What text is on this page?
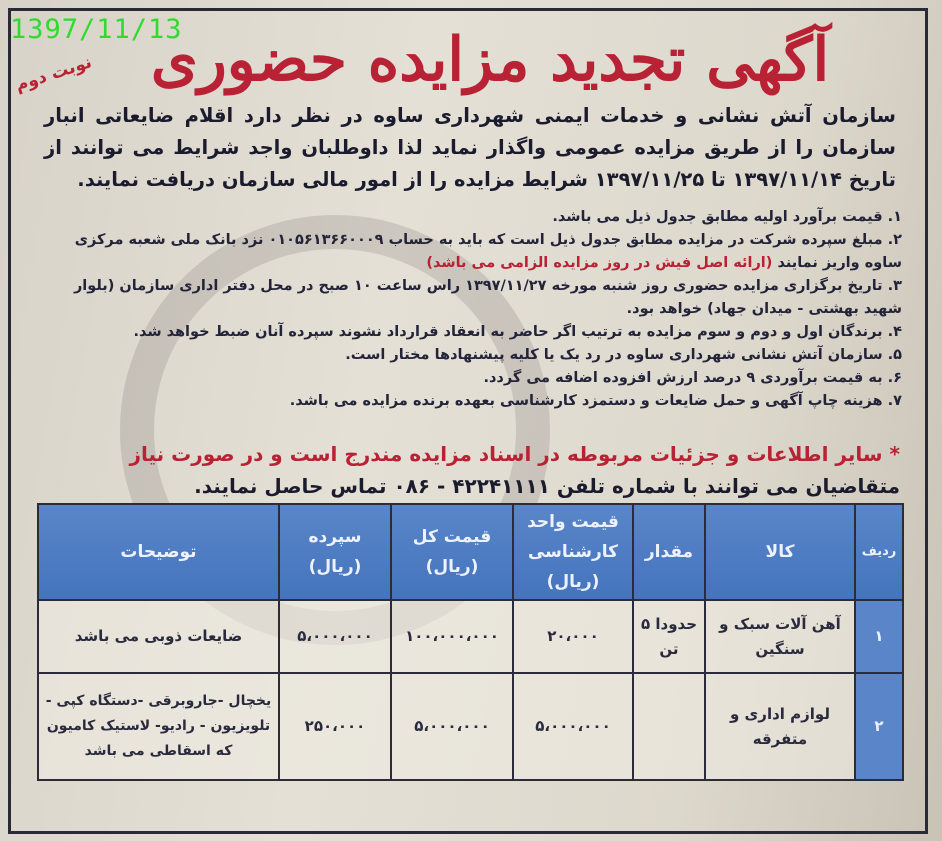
1397/11/13
نوبت دوم آگهی تجدید مزایده حضوری
سازمان آتش نشانی و خدمات ایمنی شهرداری ساوه در نظر دارد اقلام ضایعاتی انبار سازمان را از طریق مزایده عمومی واگذار نماید لذا داوطلبان واجد شرایط می توانند از تاریخ ۱۳۹۷/۱۱/۱۴ تا ۱۳۹۷/۱۱/۲۵ شرایط مزایده را از امور مالی سازمان دریافت نمایند.
۱. قیمت برآورد اولیه مطابق جدول ذیل می باشد.
۲. مبلغ سپرده شرکت در مزایده مطابق جدول ذیل است که باید به حساب ۰۱۰۵۶۱۳۶۶۰۰۰۹ نزد بانک ملی شعبه مرکزی ساوه واریز نمایند (ارائه اصل فیش در روز مزایده الزامی می باشد)
۳. تاریخ برگزاری مزایده حضوری روز شنبه مورخه ۱۳۹۷/۱۱/۲۷ راس ساعت ۱۰ صبح در محل دفتر اداری سازمان (بلوار شهید بهشتی - میدان جهاد) خواهد بود.
۴. برندگان اول و دوم و سوم مزایده به ترتیب اگر حاضر به انعقاد قرارداد نشوند سپرده آنان ضبط خواهد شد.
۵. سازمان آتش نشانی شهرداری ساوه در رد یک یا کلیه پیشنهادها مختار است.
۶. به قیمت برآوردی ۹ درصد ارزش افزوده اضافه می گردد.
۷. هزینه چاپ آگهی و حمل ضایعات و دستمزد کارشناسی بعهده برنده مزایده می باشد.
* سایر اطلاعات و جزئیات مربوطه در اسناد مزایده مندرج است و در صورت نیاز
متقاضیان می توانند با شماره تلفن ۴۲۲۴۱۱۱۱ - ۰۸۶ تماس حاصل نمایند.
ردیف	کالا	مقدار	قیمت واحد کارشناسی (ریال)	قیمت کل (ریال)	سپرده (ریال)	توضیحات
۱	آهن آلات سبک و سنگین	حدودا ۵ تن	۲۰،۰۰۰	۱۰۰،۰۰۰،۰۰۰	۵،۰۰۰،۰۰۰	ضایعات ذوبی می باشد
۲	لوازم اداری و متفرقه		۵،۰۰۰،۰۰۰	۵،۰۰۰،۰۰۰	۲۵۰،۰۰۰	یخچال -جاروبرقی -دستگاه کپی - تلویزیون - رادیو- لاستیک کامیون که اسقاطی می باشد
